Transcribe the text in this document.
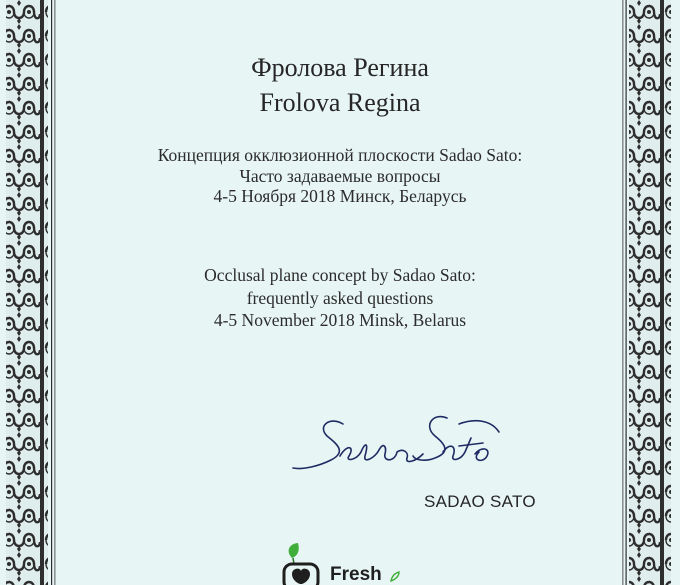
Фролова Регина
Frolova Regina
Концепция окклюзионной плоскости Sadao Sato:
Часто задаваемые вопросы
4-5 Ноября 2018 Минск, Беларусь
Occlusal plane concept by Sadao Sato:
frequently asked questions
4-5 November 2018 Minsk, Belarus
SADAO SATO
Fresh
